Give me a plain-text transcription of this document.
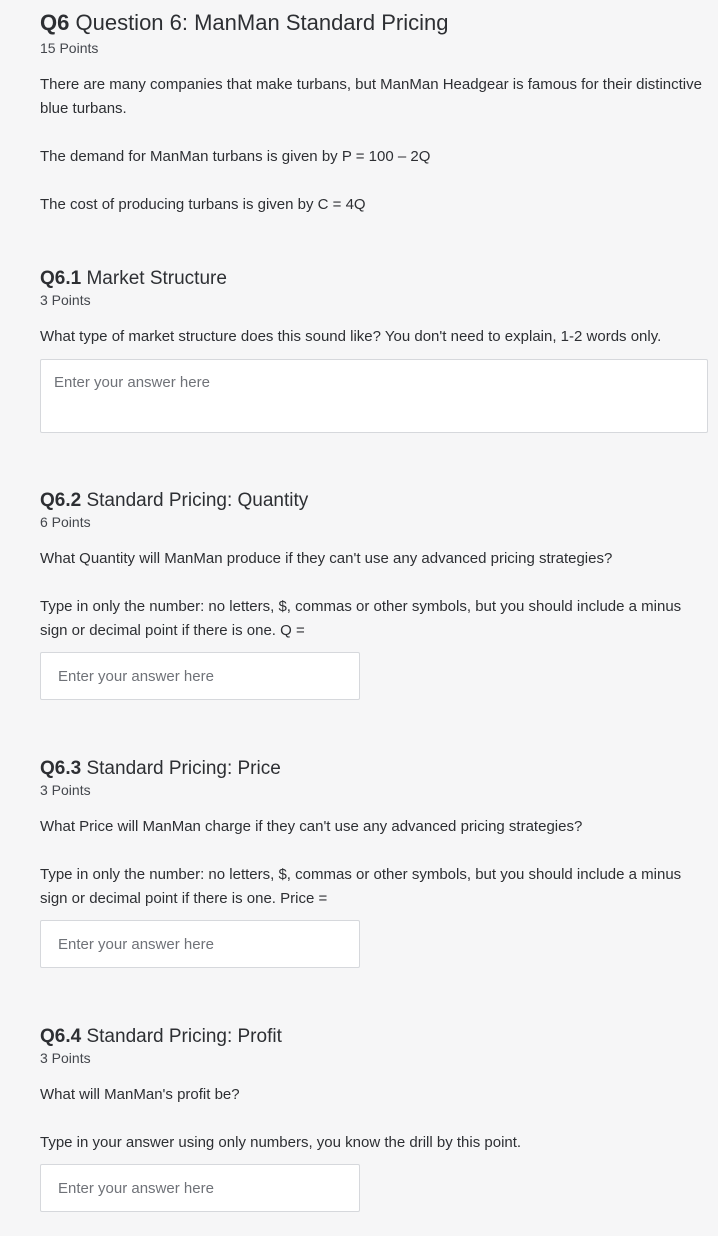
Q6 Question 6: ManMan Standard Pricing

15 Points

There are many companies that make turbans, but ManMan Headgear is famous for their distinctive blue turbans.

The demand for ManMan turbans is given by P = 100 – 2Q

The cost of producing turbans is given by C = 4Q

Q6.1 Market Structure

3 Points

What type of market structure does this sound like? You don't need to explain, 1-2 words only.

Enter your answer here
Q6.2 Standard Pricing: Quantity

6 Points

What Quantity will ManMan produce if they can't use any advanced pricing strategies?

Type in only the number: no letters, $, commas or other symbols, but you should include a minus sign or decimal point if there is one. Q =

Enter your answer here
Q6.3 Standard Pricing: Price

3 Points

What Price will ManMan charge if they can't use any advanced pricing strategies?

Type in only the number: no letters, $, commas or other symbols, but you should include a minus sign or decimal point if there is one. Price =

Enter your answer here
Q6.4 Standard Pricing: Profit

3 Points

What will ManMan's profit be?

Type in your answer using only numbers, you know the drill by this point.

Enter your answer here
